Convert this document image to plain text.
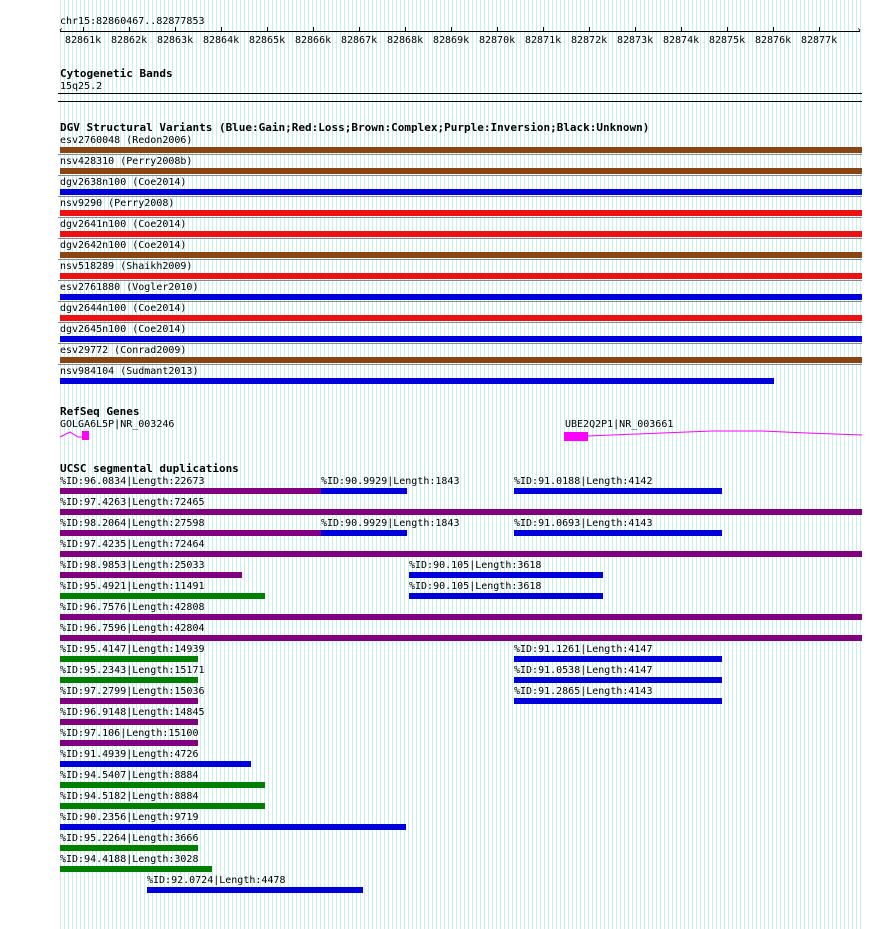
chr15:82860467..82877853
‹	›
82861k 82862k 82863k 82864k 82865k 82866k 82867k 82868k 82869k 82870k 82871k 82872k 82873k 82874k 82875k 82876k 82877k
Cytogenetic Bands
15q25.2
DGV Structural Variants (Blue:Gain;Red:Loss;Brown:Complex;Purple:Inversion;Black:Unknown)
esv2760048 (Redon2006)
nsv428310 (Perry2008b)
dgv2638n100 (Coe2014)
nsv9290 (Perry2008)
dgv2641n100 (Coe2014)
dgv2642n100 (Coe2014)
nsv518289 (Shaikh2009)
esv2761880 (Vogler2010)
dgv2644n100 (Coe2014)
dgv2645n100 (Coe2014)
esv29772 (Conrad2009)
nsv984104 (Sudmant2013)
RefSeq Genes
GOLGA6L5P|NR_003246	UBE2Q2P1|NR_003661
UCSC segmental duplications
%ID:96.0834|Length:22673	%ID:90.9929|Length:1843	%ID:91.0188|Length:4142
%ID:97.4263|Length:72465
%ID:98.2064|Length:27598	%ID:90.9929|Length:1843	%ID:91.0693|Length:4143
%ID:97.4235|Length:72464
%ID:98.9853|Length:25033	%ID:90.105|Length:3618
%ID:95.4921|Length:11491	%ID:90.105|Length:3618
%ID:96.7576|Length:42808
%ID:96.7596|Length:42804
%ID:95.4147|Length:14939	%ID:91.1261|Length:4147
%ID:95.2343|Length:15171	%ID:91.0538|Length:4147
%ID:97.2799|Length:15036	%ID:91.2865|Length:4143
%ID:96.9148|Length:14845
%ID:97.106|Length:15100
%ID:91.4939|Length:4726
%ID:94.5407|Length:8884
%ID:94.5182|Length:8884
%ID:90.2356|Length:9719
%ID:95.2264|Length:3666
%ID:94.4188|Length:3028
%ID:92.0724|Length:4478
